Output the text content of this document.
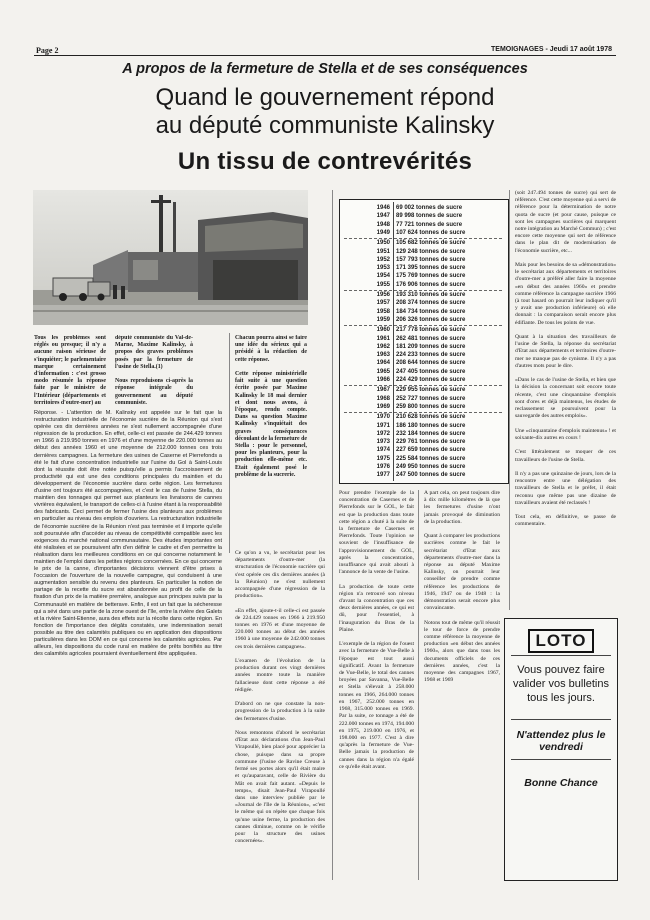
Page 2	TEMOIGNAGES - Jeudi 17 août 1978
A propos de la fermeture de Stella et de ses conséquences
Quand le gouvernement répond
au député communiste Kalinsky
Un tissu de contrevérités
Tous les problèmes sont réglés ou presque; il n'y a aucune raison sérieuse de s'inquiéter; le parlementaire marque certainement d'information : c'est grosso modo résumée la réponse faite par le ministre de l'Intérieur (départements et territoires d'outre-mer) au
député communiste du Val-de-Marne, Maxime Kalinsky, à propos des graves problèmes posés par la fermeture de l'usine de Stella.(1)

Nous reproduisons ci-après la réponse intégrale du gouvernement au député communiste.
Chacun pourra ainsi se faire une idée du sérieux qui a présidé à la rédaction de cette réponse.

Cette réponse ministérielle fait suite à une question écrite posée par Maxime Kalinsky le 18 mai dernier et dont nous avons, à l'époque, rendu compte. Dans sa question Maxime Kalinsky s'inquiétait des graves conséquences découlant de la fermeture de Stella : pour le personnel, pour les planteurs, pour la production elle-même etc. Etait également posé le problème de la sucrerie.
Réponse. - L'attention de M. Kalinsky est appelée sur le fait que la restructuration industrielle de l'économie sucrière de la Réunion qui s'est opérée ces dix dernières années ne s'est nullement accompagnée d'une régression de la production. En effet, celle-ci est passée de 244.429 tonnes en 1966 à 219.950 tonnes en 1976 et d'une moyenne de 220.000 tonnes au début des années 1960 et une moyenne de 212.000 tonnes ces trois dernières campagnes. La fermeture des usines de Caserne et Pierrefonds a été le fait d'une concentration industrielle sur l'usine du Gol à Saint-Louis dont la réussite doit être notée puisqu'elle a permis l'accroissement de productivité qui est une des conditions principales du maintien et du développement de l'économie sucrière dans cette région. Les fermetures d'usine ont toujours été accompagnées, et c'est le cas de l'usine Stella, du maintien des tonnages qui permet aux planteurs les livraisons de cannes vivrières équivalent, le transport de celles-ci à l'usine étant à la responsabilité des fabricants. Ceci permet de fermer l'usine des planteurs aux problèmes en particulier au niveau des emplois d'ouvriers. La restructuration industrielle de l'économie sucrière de la Réunion n'est pas terminée et il importe qu'elle soit poursuivie afin d'accéder au niveau de compétitivité compatible avec les exigences du marché national communautaire. Des études importantes ont été réalisées et se poursuivent afin d'en définir le cadre et d'en permettre la réalisation dans les meilleures conditions en ce qui concerne notamment le maintien de l'emploi dans les petites régions concernées. En ce qui concerne le prix de la canne, d'importantes décisions viennent d'être prises à l'occasion de l'ouverture de la nouvelle campagne, qui conduisent à une augmentation sensible du revenu des planteurs. En particulier la notion de partage de la recette du sucre est abandonnée au profit de celle de la fixation d'un prix de la matière première, analogue aux principes suivis par la Communauté en matière de betterave. Enfin, il est un fait que la sécheresse qui a sévi dans une partie de la zone ouest de l'île, entre la rivière des Galets et la rivière Saint-Etienne, aura des effets sur la récolte dans cette région. En fonction de l'importance des dégâts constatés, une indemnisation serait possible au titre des calamités publiques ou en application des dispositions particulières dans les DOM en ce qui concerne les calamités agricoles. Par ailleurs, les dispositions du code rural en matière de prêts bonifiés au titre des calamités agricoles pourraient éventuellement être appliquées.
Ce qu'on a vu, le secrétariat pour les départements d'outre-mer (la structuration de l'économie sucrière qui s'est opérée ces dix dernières années (à la Réunion) ne s'est nullement accompagnée d'une régression de la production».

«En effet, ajoute-t-il celle-ci est passée de 224.429 tonnes en 1966 à 219.950 tonnes en 1976 et d'une moyenne de 220.000 tonnes au début des années 1960 à une moyenne de 242.000 tonnes ces trois dernières campagnes».

L'examen de l'évolution de la production durant ces vingt dernières années montre toute la manière fallacieuse dont cette réponse a été rédigée.

D'abord on ne que constate la non-progression de la production à la suite des fermetures d'usine.

Nous remontons d'abord le secrétariat d'Etat aux déclarations d'un Jean-Paul Virapoullé, bien placé pour apprécier la chose, puisque dans sa propre commune (l'usine de Ravine Creuse à fermé ses portes alors qu'il était maire et qu'auparavant, celle de Rivière du Mât en avait fait autant. «Depuis le temps», disait Jean-Paul Virapoullé dans une interview publiée par le «Journal de l'Ile de la Réunion», «c'est le même qui on répète que chaque fois qu'une usine ferme, la production des cannes diminue, comme on le vérifie pour la structure des usines concernées».
1946 69 002 tonnes de sucre
1947 89 998 tonnes de sucre
1948 77 721 tonnes de sucre
1949 107 624 tonnes de sucre
1950 105 682 tonnes de sucre
1951 129 248 tonnes de sucre
1952 157 793 tonnes de sucre
1953 171 395 tonnes de sucre
1954 175 769 tonnes de sucre
1955 176 906 tonnes de sucre
1956 193 310 tonnes de sucre
1957 208 374 tonnes de sucre
1958 184 734 tonnes de sucre
1959 206 326 tonnes de sucre
1960 217 778 tonnes de sucre
1961 262 481 tonnes de sucre
1962 181 209 tonnes de sucre
1963 224 233 tonnes de sucre
1964 208 644 tonnes de sucre
1965 247 405 tonnes de sucre
1966 224 429 tonnes de sucre
1967 229 955 tonnes de sucre
1968 252 727 tonnes de sucre
1969 259 800 tonnes de sucre
1970 210 628 tonnes de sucre
1971 186 180 tonnes de sucre
1972 232 184 tonnes de sucre
1973 229 761 tonnes de sucre
1974 227 659 tonnes de sucre
1975 225 584 tonnes de sucre
1976 249 950 tonnes de sucre
1977 247 500 tonnes de sucre
Pour prendre l'exemple de la concentration de Casernes et de Pierrefonds sur le GOL, le fait est que la production dans toute cette région a chuté à la suite de la fermeture de Casernes et Pierrefonds. Toute l'opinion se souvient de l'insuffisance de l'approvisionnement du GOL, après la concentration, insuffisance qui avait abouti à l'annonce de la vente de l'usine.

La production de toute cette région n'a retrouvé son niveau d'avant la concentration que ces deux dernières années, ce qui est dû, pour l'essentiel, à l'inauguration du Bras de la Plaine.

L'exemple de la région de l'ouest avec la fermeture de Vue-Belle à l'époque est tout aussi significatif. Avant la fermeture de Vue-Belle, le total des cannes broyées par Savanna, Vue-Belle et Stella s'élevait à 258.000 tonnes en 1966, 264.000 tonnes en 1967, 252.000 tonnes en 1968, 315.000 tonnes en 1969. Par la suite, ce tonnage a été de 222.000 tonnes en 1974, 194.000 en 1975, 219.000 en 1976, et 198.000 en 1977. C'est à dire qu'après la fermeture de Vue-Belle jamais la production de cannes dans la région n'a égalé ce qu'elle était avant.
A part cela, on peut toujours dire à dix mille kilomètres de là que les fermetures d'usine n'ont jamais provoqué de diminution de la production.

Quant à comparer les productions sucrières comme le fait le secrétariat d'Etat aux départements d'outre-mer dans la réponse au député Maxime Kalinsky, on pourrait leur conseiller de prendre comme référence les productions de 1946, 1947 ou de 1948 : la démonstration serait encore plus convaincante.

Notons tout de même qu'il réussit le tour de force de prendre comme référence la moyenne de production «en début des années 1960», alors que dans tous les documents officiels de ces dernières années, c'est la moyenne des campagnes 1967, 1968 et 1969
(soit 247.494 tonnes de sucre) qui sert de référence. C'est cette moyenne qui a servi de référence pour la détermination de notre quota de sucre (et pour cause, puisque ce sont les campagnes sucrières qui marquent notre intégration au Marché Commun) ; c'est encore cette moyenne qui sert de référence dans le plan dit de modernisation de l'économie sucrière, etc...

Mais pour les besoins de sa «démonstration» le secrétariat aux départements et territoires d'outre-mer a préféré aller faire la moyenne «en début des années 1960» et prendre comme référence la campagne sucrière 1966 (à tout hasard on pourrait leur indiquer qu'il y avait une production inférieure) où elle donnait : la comparaison serait encore plus édifiante. De tous les points de vue.

Quant à la situation des travailleurs de l'usine de Stella, la réponse du secrétariat d'Etat aux départements et territoires d'outre-mer ne manque pas de cynisme. Il n'y a pas d'autres mots pour le dire.

«Dans le cas de l'usine de Stella, et bien que la décision la concernant soit encore toute récente, c'est une cinquantaine d'emplois sont d'ores et déjà maintenus, les études de reclassement se poursuivent pour la sauvegarde des autres emplois».

Une «cinquantaine d'emplois maintenus» ! et soixante-dix autres en cours !

C'est littéralement se moquer de ces travailleurs de l'usine de Stella.

Il n'y a pas une quinzaine de jours, lors de la rencontre entre une délégation des travailleurs de Stella et le préfet, il était reconnu que même pas une dizaine de travailleurs avaient été reclassés !

Tout cela, en définitive, se passe de commentaire.
LOTO
Vous pouvez faire
valider vos bulletins
tous les jours.
N'attendez plus le vendredi
Bonne Chance
